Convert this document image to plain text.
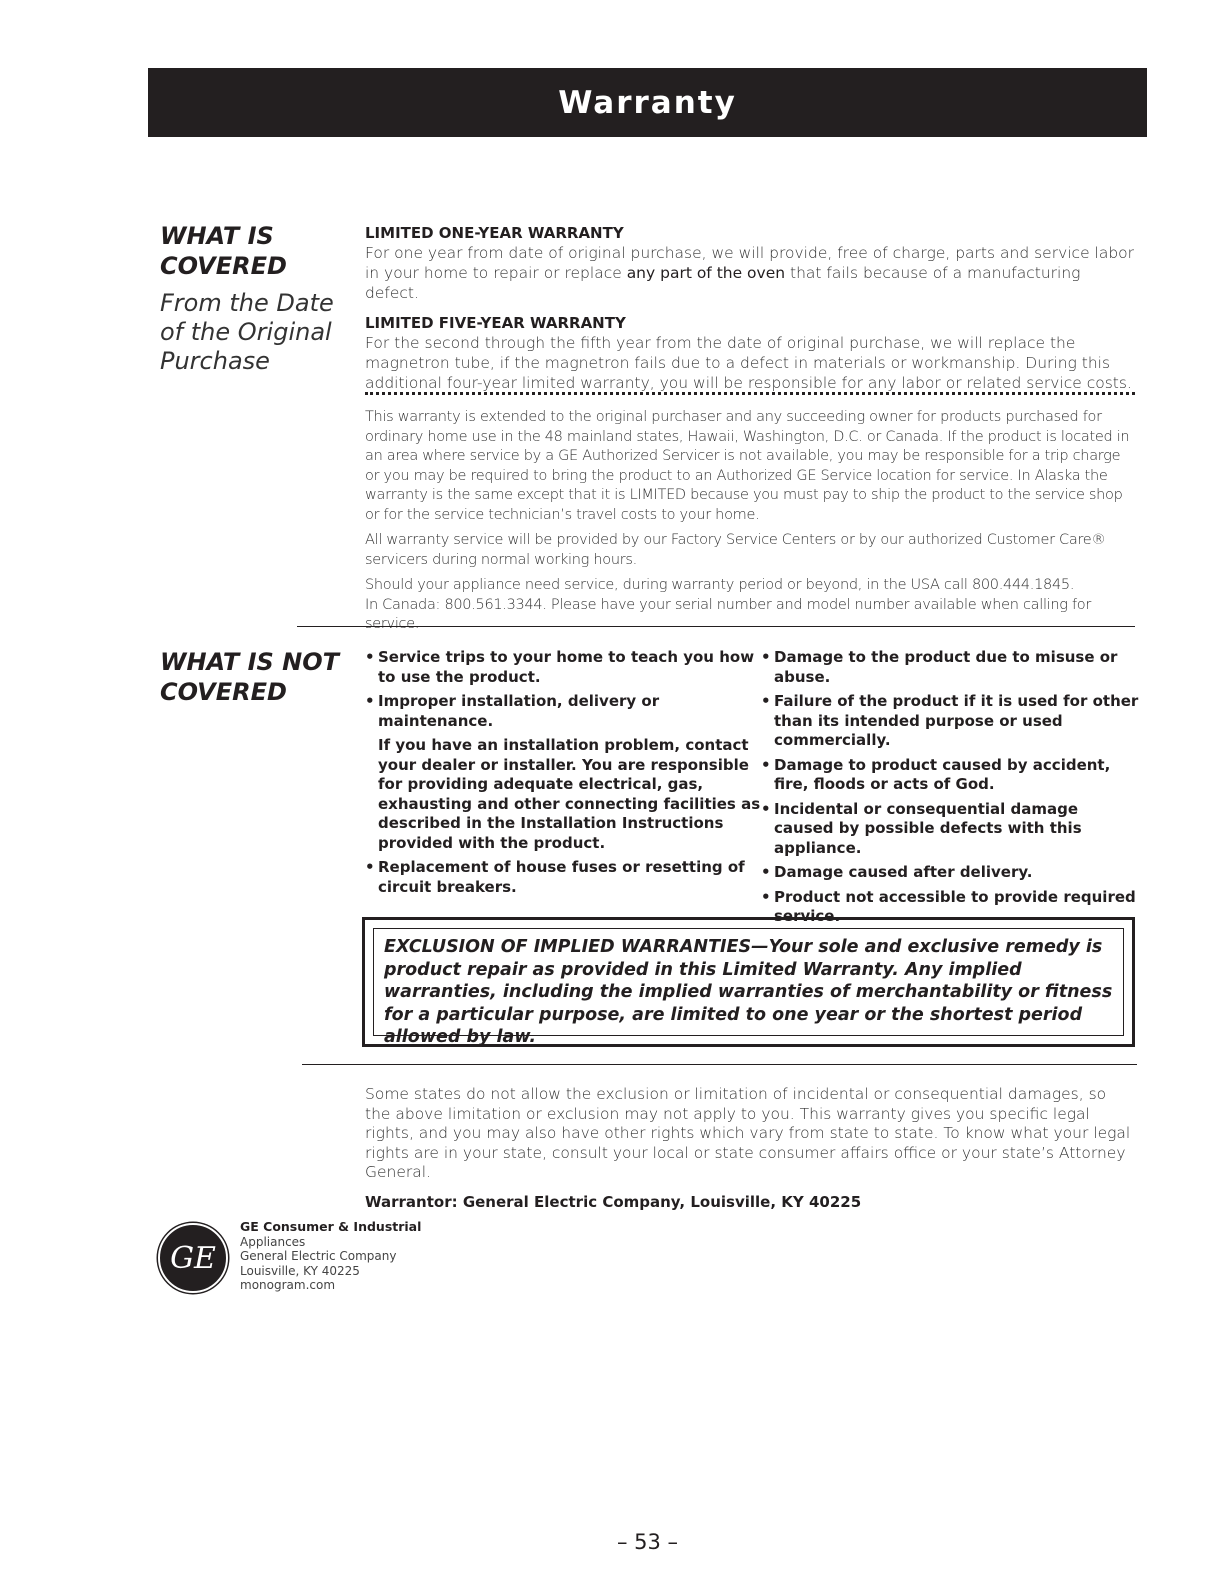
Warranty
WHAT IS COVERED
From the Date of the Original Purchase
LIMITED ONE-YEAR WARRANTY

For one year from date of original purchase, we will provide, free of charge, parts and service labor in your home to repair or replace any part of the oven that fails because of a manufacturing defect.

LIMITED FIVE-YEAR WARRANTY

For the second through the fifth year from the date of original purchase, we will replace the magnetron tube, if the magnetron fails due to a defect in materials or workmanship. During this additional four-year limited warranty, you will be responsible for any labor or related service costs.

This warranty is extended to the original purchaser and any succeeding owner for products purchased for ordinary home use in the 48 mainland states, Hawaii, Washington, D.C. or Canada. If the product is located in an area where service by a GE Authorized Servicer is not available, you may be responsible for a trip charge or you may be required to bring the product to an Authorized GE Service location for service. In Alaska the warranty is the same except that it is LIMITED because you must pay to ship the product to the service shop or for the service technician’s travel costs to your home.

All warranty service will be provided by our Factory Service Centers or by our authorized Customer Care® servicers during normal working hours.

Should your appliance need service, during warranty period or beyond, in the USA call 800.444.1845.

In Canada: 800.561.3344. Please have your serial number and model number available when calling for service.

WHAT IS NOT COVERED
• Service trips to your home to teach you how to use the product.
• Improper installation, delivery or maintenance.
If you have an installation problem, contact your dealer or installer. You are responsible for providing adequate electrical, gas, exhausting and other connecting facilities as described in the Installation Instructions provided with the product.
• Replacement of house fuses or resetting of circuit breakers.
• Damage to the product due to misuse or abuse.
• Failure of the product if it is used for other than its intended purpose or used commercially.
• Damage to product caused by accident, fire, floods or acts of God.
• Incidental or consequential damage caused by possible defects with this appliance.
• Damage caused after delivery.
• Product not accessible to provide required service.
EXCLUSION OF IMPLIED WARRANTIES—Your sole and exclusive remedy is product repair as provided in this Limited Warranty. Any implied warranties, including the implied warranties of merchantability or fitness for a particular purpose, are limited to one year or the shortest period allowed by law.

Some states do not allow the exclusion or limitation of incidental or consequential damages, so the above limitation or exclusion may not apply to you. This warranty gives you specific legal rights, and you may also have other rights which vary from state to state. To know what your legal rights are in your state, consult your local or state consumer affairs office or your state’s Attorney General.

Warrantor: General Electric Company, Louisville, KY 40225

GE
GE Consumer & Industrial
Appliances
General Electric Company
Louisville, KY 40225
monogram.com
– 53 –
